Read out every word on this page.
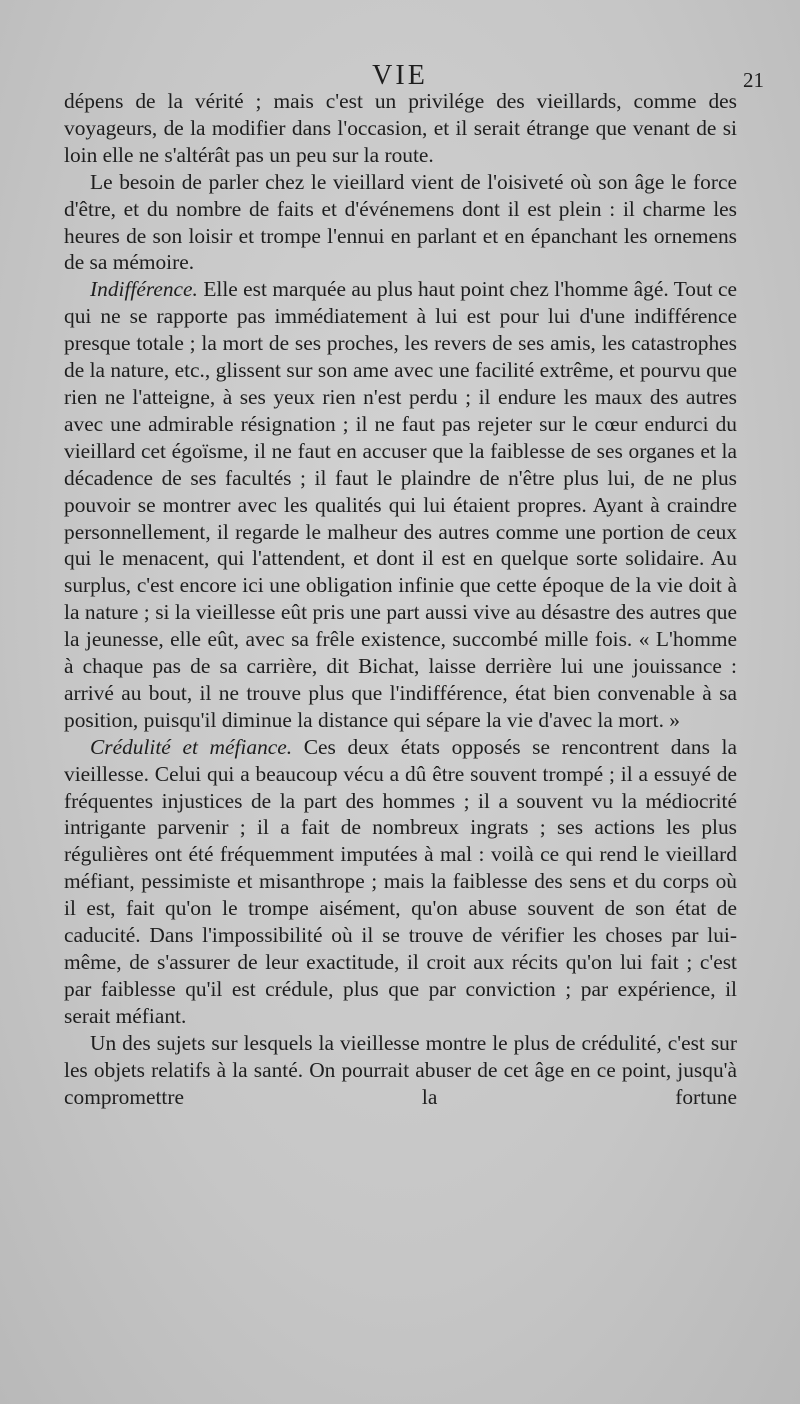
VIE	21

dépens de la vérité ; mais c'est un privilége des vieillards, comme des voyageurs, de la modifier dans l'occasion, et il serait étrange que venant de si loin elle ne s'altérât pas un peu sur la route.

Le besoin de parler chez le vieillard vient de l'oisiveté où son âge le force d'être, et du nombre de faits et d'événemens dont il est plein : il charme les heures de son loisir et trompe l'ennui en parlant et en épanchant les ornemens de sa mémoire.

Indifférence. Elle est marquée au plus haut point chez l'homme âgé. Tout ce qui ne se rapporte pas immédiatement à lui est pour lui d'une indifférence presque totale ; la mort de ses proches, les revers de ses amis, les catastrophes de la nature, etc., glissent sur son ame avec une facilité extrême, et pourvu que rien ne l'atteigne, à ses yeux rien n'est perdu ; il endure les maux des autres avec une admirable résignation ; il ne faut pas rejeter sur le cœur endurci du vieillard cet égoïsme, il ne faut en accuser que la faiblesse de ses organes et la décadence de ses facultés ; il faut le plaindre de n'être plus lui, de ne plus pouvoir se montrer avec les qualités qui lui étaient propres. Ayant à craindre personnellement, il regarde le malheur des autres comme une portion de ceux qui le menacent, qui l'attendent, et dont il est en quelque sorte solidaire. Au surplus, c'est encore ici une obligation infinie que cette époque de la vie doit à la nature ; si la vieillesse eût pris une part aussi vive au désastre des autres que la jeunesse, elle eût, avec sa frêle existence, succombé mille fois. « L'homme à chaque pas de sa carrière, dit Bichat, laisse derrière lui une jouissance : arrivé au bout, il ne trouve plus que l'indifférence, état bien convenable à sa position, puisqu'il diminue la distance qui sépare la vie d'avec la mort. »

Crédulité et méfiance. Ces deux états opposés se rencontrent dans la vieillesse. Celui qui a beaucoup vécu a dû être souvent trompé ; il a essuyé de fréquentes injustices de la part des hommes ; il a souvent vu la médiocrité intrigante parvenir ; il a fait de nombreux ingrats ; ses actions les plus régulières ont été fréquemment imputées à mal : voilà ce qui rend le vieillard méfiant, pessimiste et misanthrope ; mais la faiblesse des sens et du corps où il est, fait qu'on le trompe aisément, qu'on abuse souvent de son état de caducité. Dans l'impossibilité où il se trouve de vérifier les choses par lui-même, de s'assurer de leur exactitude, il croit aux récits qu'on lui fait ; c'est par faiblesse qu'il est crédule, plus que par conviction ; par expérience, il serait méfiant.

Un des sujets sur lesquels la vieillesse montre le plus de crédulité, c'est sur les objets relatifs à la santé. On pourrait abuser de cet âge en ce point, jusqu'à compromettre la fortune
